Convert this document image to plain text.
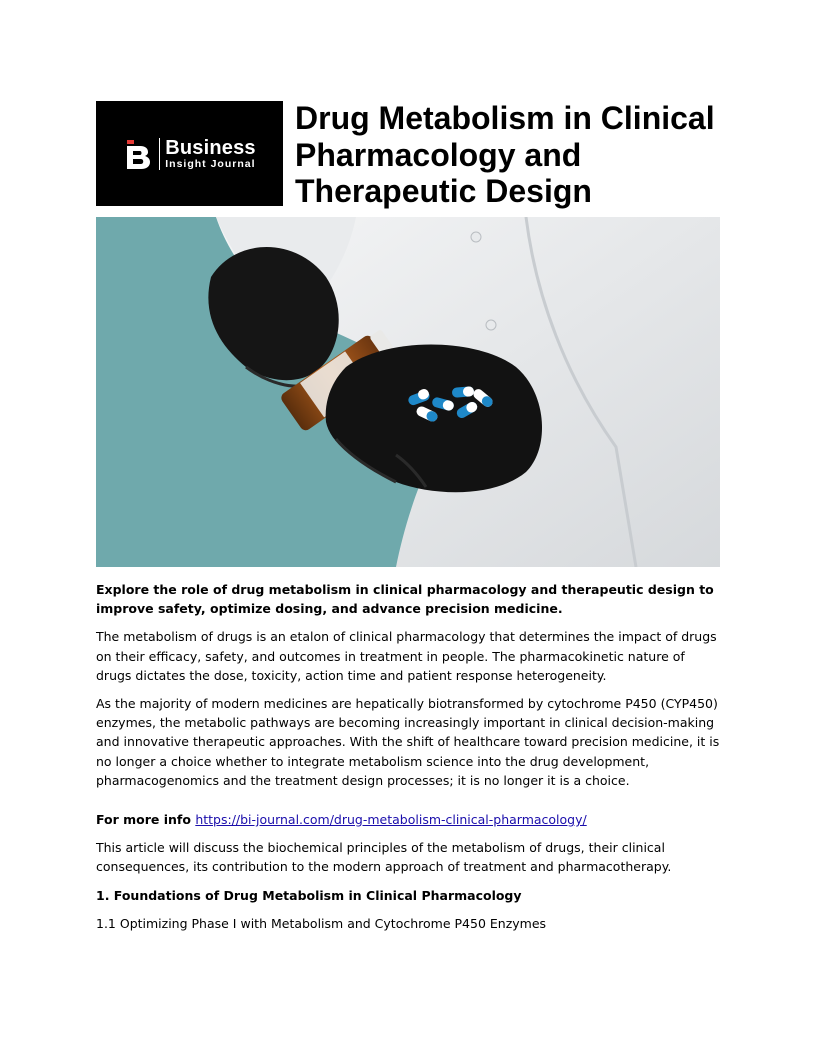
Business
Insight Journal
Drug Metabolism in Clinical Pharmacology and Therapeutic Design

Explore the role of drug metabolism in clinical pharmacology and therapeutic design to improve safety, optimize dosing, and advance precision medicine.

The metabolism of drugs is an etalon of clinical pharmacology that determines the impact of drugs on their efficacy, safety, and outcomes in treatment in people. The pharmacokinetic nature of drugs dictates the dose, toxicity, action time and patient response heterogeneity.

As the majority of modern medicines are hepatically biotransformed by cytochrome P450 (CYP450) enzymes, the metabolic pathways are becoming increasingly important in clinical decision-making and innovative therapeutic approaches. With the shift of healthcare toward precision medicine, it is no longer a choice whether to integrate metabolism science into the drug development, pharmacogenomics and the treatment design processes; it is no longer it is a choice.

For more info https://bi-journal.com/drug-metabolism-clinical-pharmacology/

This article will discuss the biochemical principles of the metabolism of drugs, their clinical consequences, its contribution to the modern approach of treatment and pharmacotherapy.

1. Foundations of Drug Metabolism in Clinical Pharmacology

1.1 Optimizing Phase I with Metabolism and Cytochrome P450 Enzymes
